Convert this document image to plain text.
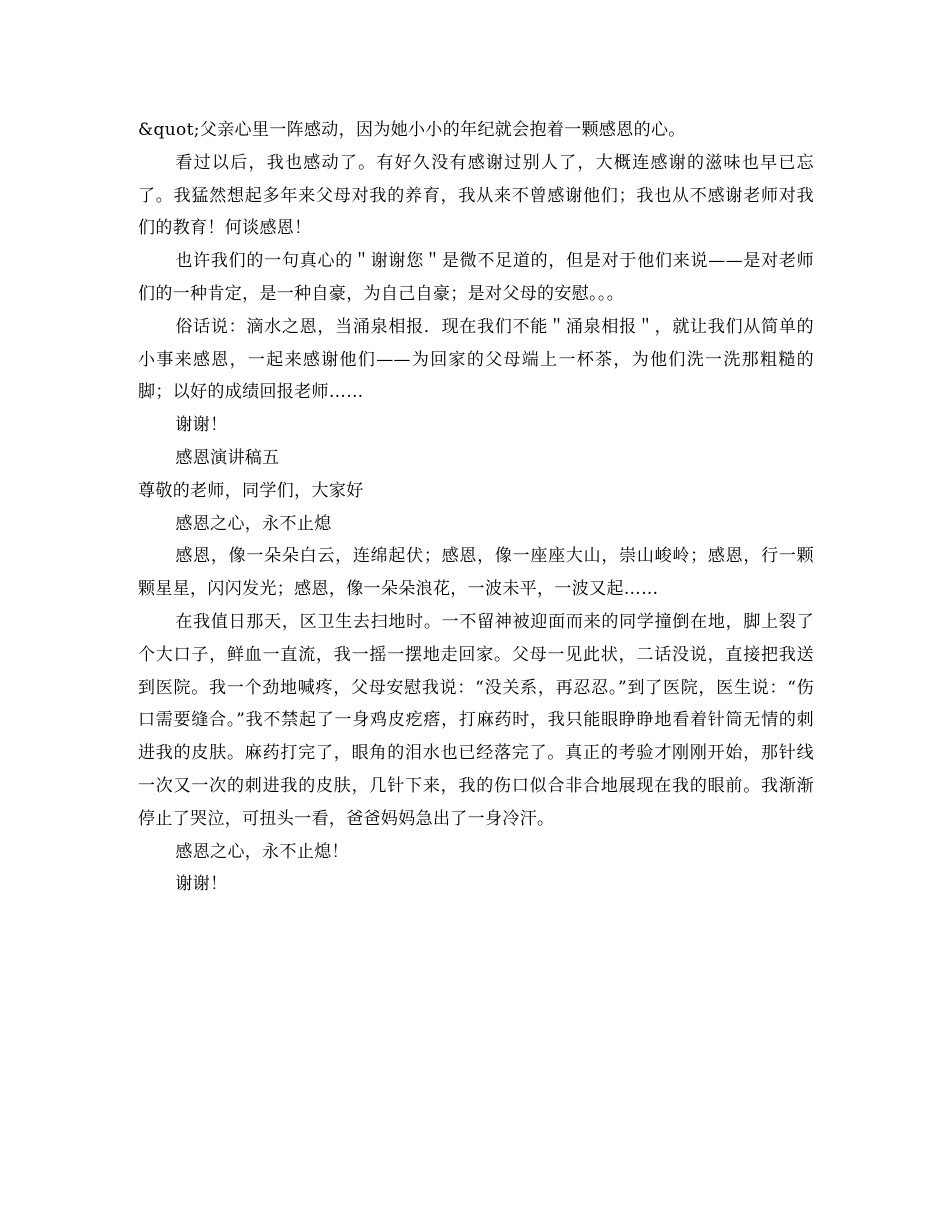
&quot;父亲心里一阵感动，因为她小小的年纪就会抱着一颗感恩的心。

看过以后，我也感动了。有好久没有感谢过别人了，大概连感谢的滋味也早已忘了。我猛然想起多年来父母对我的养育，我从来不曾感谢他们；我也从不感谢老师对我们的教育！何谈感恩！

也许我们的一句真心的＂谢谢您＂是微不足道的，但是对于他们来说——是对老师们的一种肯定，是一种自豪，为自己自豪；是对父母的安慰。。。

俗话说：滴水之恩，当涌泉相报．现在我们不能＂涌泉相报＂，就让我们从简单的小事来感恩，一起来感谢他们——为回家的父母端上一杯茶，为他们洗一洗那粗糙的脚；以好的成绩回报老师……

谢谢！

感恩演讲稿五

尊敬的老师，同学们，大家好

感恩之心，永不止熄

感恩，像一朵朵白云，连绵起伏；感恩，像一座座大山，崇山峻岭；感恩，行一颗颗星星，闪闪发光；感恩，像一朵朵浪花，一波未平，一波又起……

在我值日那天，区卫生去扫地时。一不留神被迎面而来的同学撞倒在地，脚上裂了个大口子，鲜血一直流，我一摇一摆地走回家。父母一见此状，二话没说，直接把我送到医院。我一个劲地喊疼，父母安慰我说：“没关系，再忍忍。”到了医院，医生说：“伤口需要缝合。”我不禁起了一身鸡皮疙瘩，打麻药时，我只能眼睁睁地看着针筒无情的刺进我的皮肤。麻药打完了，眼角的泪水也已经落完了。真正的考验才刚刚开始，那针线一次又一次的刺进我的皮肤，几针下来，我的伤口似合非合地展现在我的眼前。我渐渐停止了哭泣，可扭头一看，爸爸妈妈急出了一身冷汗。

感恩之心，永不止熄！

谢谢！
